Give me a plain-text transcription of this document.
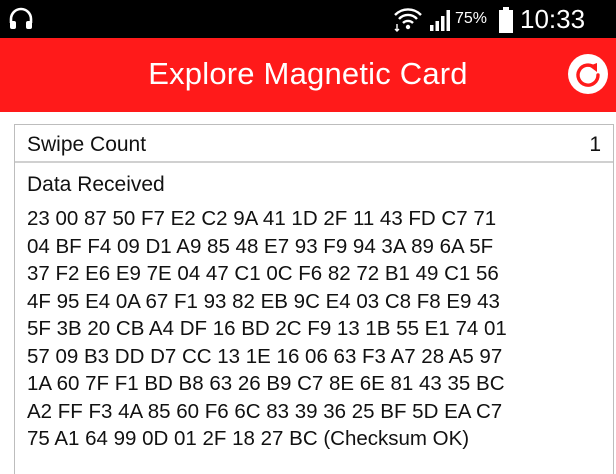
75% 10:33
Explore Magnetic Card
Swipe Count	1
Data Received
23 00 87 50 F7 E2 C2 9A 41 1D 2F 11 43 FD C7 71
04 BF F4 09 D1 A9 85 48 E7 93 F9 94 3A 89 6A 5F
37 F2 E6 E9 7E 04 47 C1 0C F6 82 72 B1 49 C1 56
4F 95 E4 0A 67 F1 93 82 EB 9C E4 03 C8 F8 E9 43
5F 3B 20 CB A4 DF 16 BD 2C F9 13 1B 55 E1 74 01
57 09 B3 DD D7 CC 13 1E 16 06 63 F3 A7 28 A5 97
1A 60 7F F1 BD B8 63 26 B9 C7 8E 6E 81 43 35 BC
A2 FF F3 4A 85 60 F6 6C 83 39 36 25 BF 5D EA C7
75 A1 64 99 0D 01 2F 18 27 BC (Checksum OK)
